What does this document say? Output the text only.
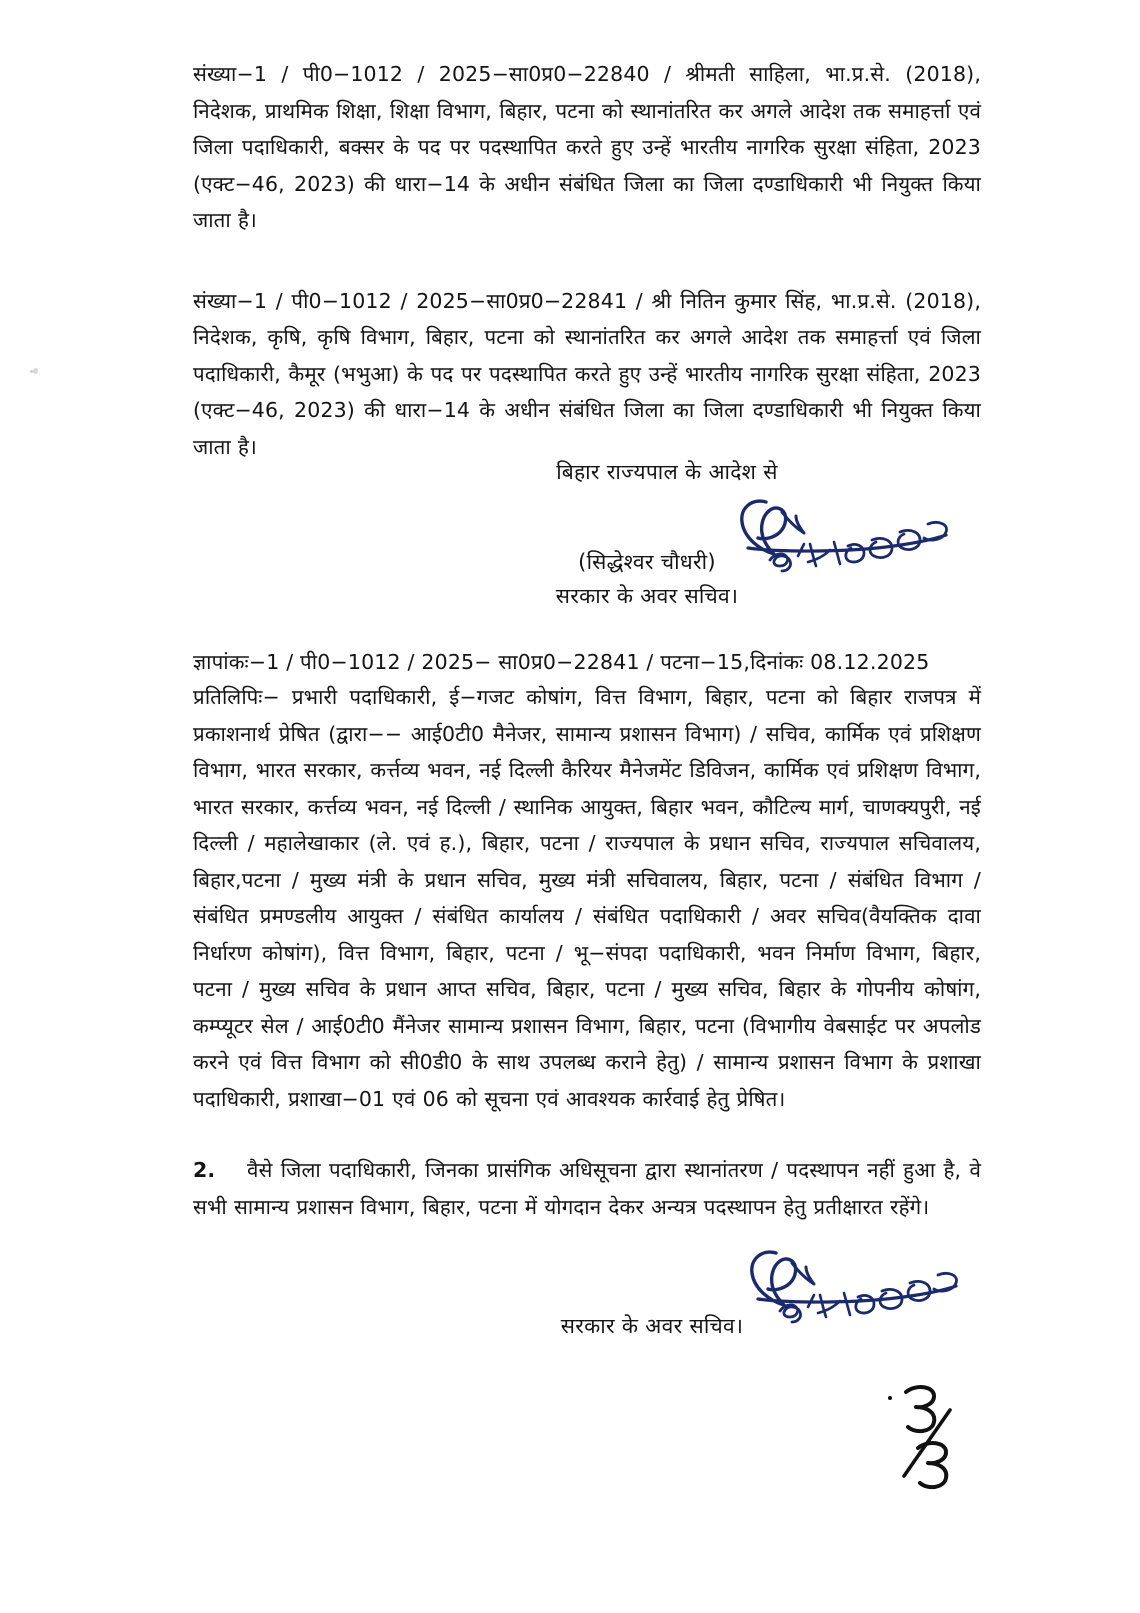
संख्या−1 / पी0−1012 / 2025−सा0प्र0−22840 / श्रीमती साहिला, भा.प्र.से. (2018), निदेशक, प्राथमिक शिक्षा, शिक्षा विभाग, बिहार, पटना को स्थानांतरित कर अगले आदेश तक समाहर्त्ता एवं जिला पदाधिकारी, बक्सर के पद पर पदस्थापित करते हुए उन्हें भारतीय नागरिक सुरक्षा संहिता, 2023 (एक्ट−46, 2023) की धारा−14 के अधीन संबंधित जिला का जिला दण्डाधिकारी भी नियुक्त किया जाता है।

संख्या−1 / पी0−1012 / 2025−सा0प्र0−22841 / श्री नितिन कुमार सिंह, भा.प्र.से. (2018), निदेशक, कृषि, कृषि विभाग, बिहार, पटना को स्थानांतरित कर अगले आदेश तक समाहर्त्ता एवं जिला पदाधिकारी, कैमूर (भभुआ) के पद पर पदस्थापित करते हुए उन्हें भारतीय नागरिक सुरक्षा संहिता, 2023 (एक्ट−46, 2023) की धारा−14 के अधीन संबंधित जिला का जिला दण्डाधिकारी भी नियुक्त किया जाता है।

बिहार राज्यपाल के आदेश से
(सिद्धेश्वर चौधरी)
सरकार के अवर सचिव।
ज्ञापांकः−1 / पी0−1012 / 2025− सा0प्र0−22841 / पटना−15,दिनांकः 08.12.2025

प्रतिलिपिः− प्रभारी पदाधिकारी, ई−गजट कोषांग, वित्त विभाग, बिहार, पटना को बिहार राजपत्र में प्रकाशनार्थ प्रेषित (द्वारा−− आई0टी0 मैनेजर, सामान्य प्रशासन विभाग) / सचिव, कार्मिक एवं प्रशिक्षण विभाग, भारत सरकार, कर्त्तव्य भवन, नई दिल्ली कैरियर मैनेजमेंट डिविजन, कार्मिक एवं प्रशिक्षण विभाग, भारत सरकार, कर्त्तव्य भवन, नई दिल्ली / स्थानिक आयुक्त, बिहार भवन, कौटिल्य मार्ग, चाणक्यपुरी, नई दिल्ली / महालेखाकार (ले. एवं ह.), बिहार, पटना / राज्यपाल के प्रधान सचिव, राज्यपाल सचिवालय, बिहार,पटना / मुख्य मंत्री के प्रधान सचिव, मुख्य मंत्री सचिवालय, बिहार, पटना / संबंधित विभाग / संबंधित प्रमण्डलीय आयुक्त / संबंधित कार्यालय / संबंधित पदाधिकारी / अवर सचिव(वैयक्तिक दावा निर्धारण कोषांग), वित्त विभाग, बिहार, पटना / भू−संपदा पदाधिकारी, भवन निर्माण विभाग, बिहार, पटना / मुख्य सचिव के प्रधान आप्त सचिव, बिहार, पटना / मुख्य सचिव, बिहार के गोपनीय कोषांग, कम्प्यूटर सेल / आई0टी0 मैंनेजर सामान्य प्रशासन विभाग, बिहार, पटना (विभागीय वेबसाईट पर अपलोड करने एवं वित्त विभाग को सी0डी0 के साथ उपलब्ध कराने हेतु) / सामान्य प्रशासन विभाग के प्रशाखा पदाधिकारी, प्रशाखा−01 एवं 06 को सूचना एवं आवश्यक कार्रवाई हेतु प्रेषित।

2. वैसे जिला पदाधिकारी, जिनका प्रासंगिक अधिसूचना द्वारा स्थानांतरण / पदस्थापन नहीं हुआ है, वे सभी सामान्य प्रशासन विभाग, बिहार, पटना में योगदान देकर अन्यत्र पदस्थापन हेतु प्रतीक्षारत रहेंगे।

सरकार के अवर सचिव।
